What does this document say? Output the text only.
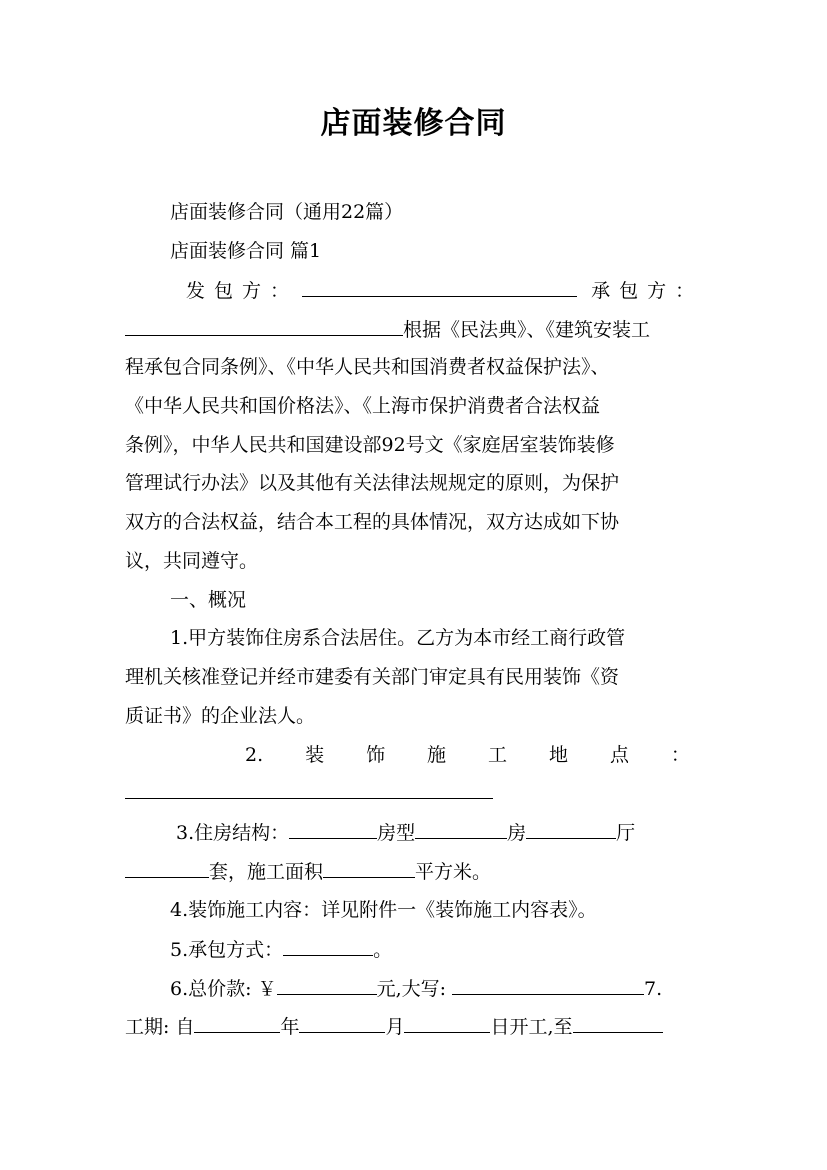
店面装修合同
店面装修合同（通用22篇）
店面装修合同 篇1
发包方：	承包方：
根据《民法典》、《建筑安装工
程承包合同条例》、《中华人民共和国消费者权益保护法》、
《中华人民共和国价格法》、《上海市保护消费者合法权益
条例》，中华人民共和国建设部92号文《家庭居室装饰装修
管理试行办法》以及其他有关法律法规规定的原则，为保护
双方的合法权益，结合本工程的具体情况，双方达成如下协
议，共同遵守。
一、概况
1.甲方装饰住房系合法居住。乙方为本市经工商行政管
理机关核准登记并经市建委有关部门审定具有民用装饰《资
质证书》的企业法人。
2. 装 饰 施 工 地 点 ：
3.住房结构：	房型	房	厅
套，施工面积	平方米。
4.装饰施工内容：详见附件一《装饰施工内容表》。
5.承包方式：	。
6.总价款: ￥	元,大写:	7.
工期: 自	年	月	日开工,至
